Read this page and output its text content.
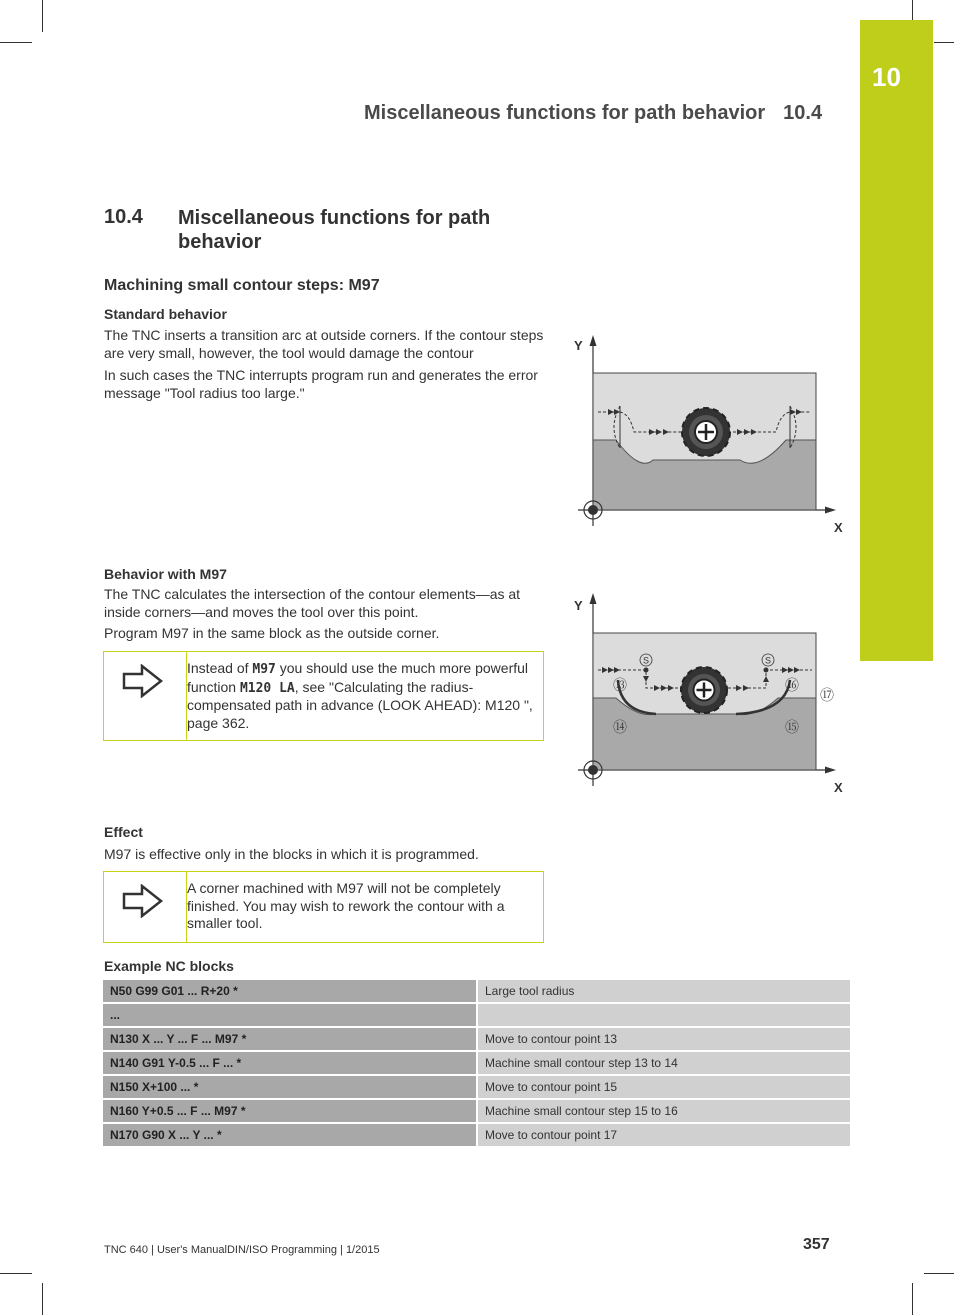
10
Miscellaneous functions for path behavior 10.4
10.4 Miscellaneous functions for path behavior
Machining small contour steps: M97
Standard behavior
The TNC inserts a transition arc at outside corners. If the contour steps are very small, however, the tool would damage the contour
In such cases the TNC interrupts program run and generates the error message "Tool radius too large."
Y
X
Behavior with M97
The TNC calculates the intersection of the contour elements—as at inside corners—and moves the tool over this point.
Program M97 in the same block as the outside corner.
Instead of M97 you should use the much more powerful function M120 LA, see "Calculating the radius-compensated path in advance (LOOK AHEAD): M120 ", page 362.
S	S
⑬
⑭	⑮
⑯
⑰
Y
X
Effect
M97 is effective only in the blocks in which it is programmed.
A corner machined with M97 will not be completely finished. You may wish to rework the contour with a smaller tool.
Example NC blocks
N50 G99 G01 ... R+20 *		Large tool radius
...		
N130 X ... Y ... F ... M97 *		Move to contour point 13
N140 G91 Y-0.5 ... F ... *		Machine small contour step 13 to 14
N150 X+100 ... *		Move to contour point 15
N160 Y+0.5 ... F ... M97 *		Machine small contour step 15 to 16
N170 G90 X ... Y ... *		Move to contour point 17
TNC 640 | User's ManualDIN/ISO Programming | 1/2015	357
